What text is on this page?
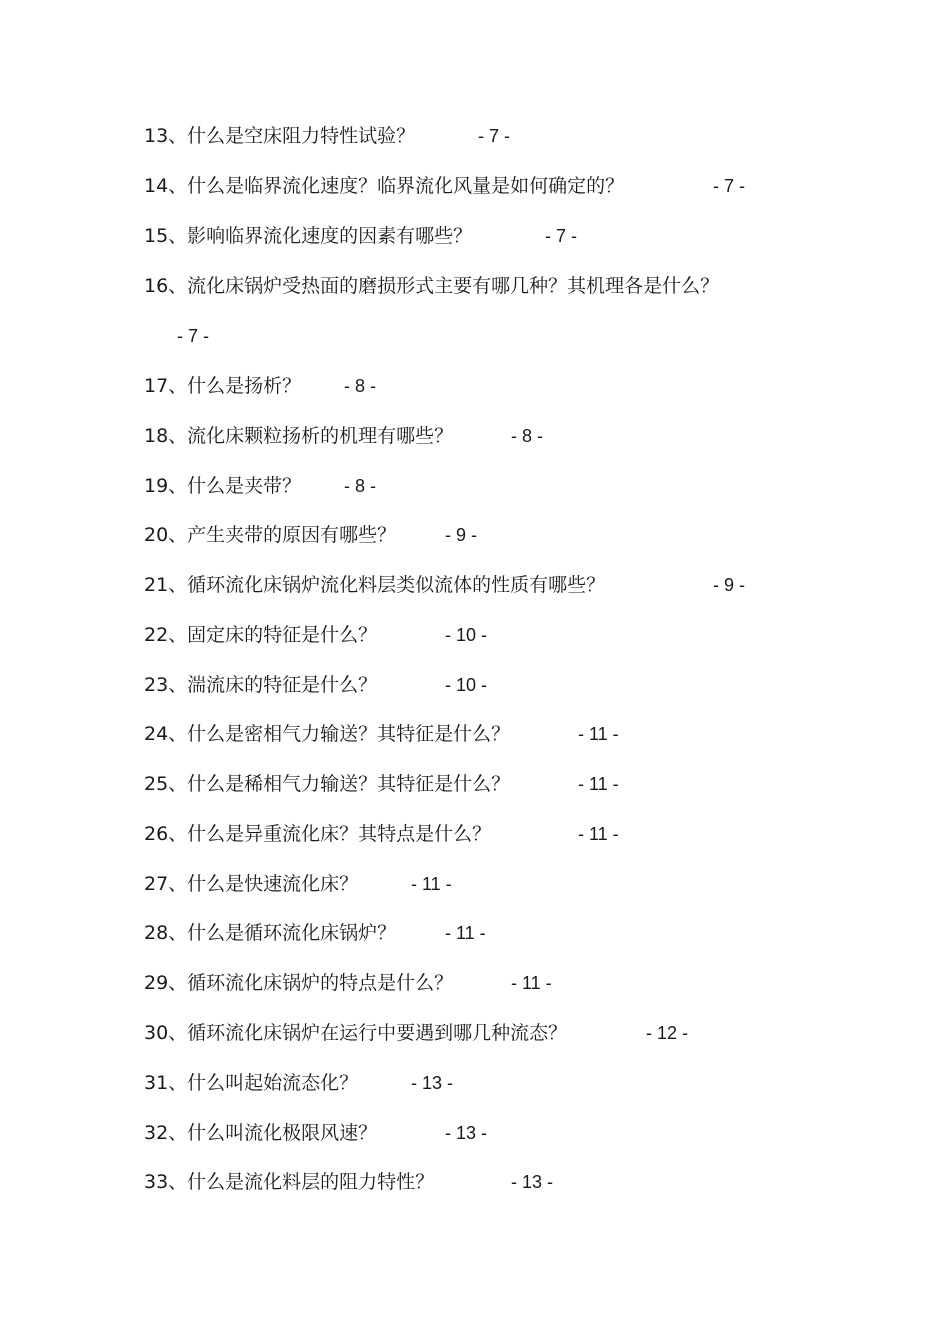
13、什么是空床阻力特性试验？	- 7 -
14、什么是临界流化速度？临界流化风量是如何确定的？	- 7 -
15、影响临界流化速度的因素有哪些？	- 7 -
16、流化床锅炉受热面的磨损形式主要有哪几种？其机理各是什么？
- 7 -
17、什么是扬析？ - 8 -
18、流化床颗粒扬析的机理有哪些？	- 8 -
19、什么是夹带？ - 8 -
20、产生夹带的原因有哪些？	- 9 -
21、循环流化床锅炉流化料层类似流体的性质有哪些？	- 9 -
22、固定床的特征是什么？	- 10 -
23、湍流床的特征是什么？	- 10 -
24、什么是密相气力输送？其特征是什么？	- 11 -
25、什么是稀相气力输送？其特征是什么？	- 11 -
26、什么是异重流化床？其特点是什么？	- 11 -
27、什么是快速流化床？	- 11 -
28、什么是循环流化床锅炉？	- 11 -
29、循环流化床锅炉的特点是什么？	- 11 -
30、循环流化床锅炉在运行中要遇到哪几种流态？	- 12 -
31、什么叫起始流态化？	- 13 -
32、什么叫流化极限风速？	- 13 -
33、什么是流化料层的阻力特性？	- 13 -
